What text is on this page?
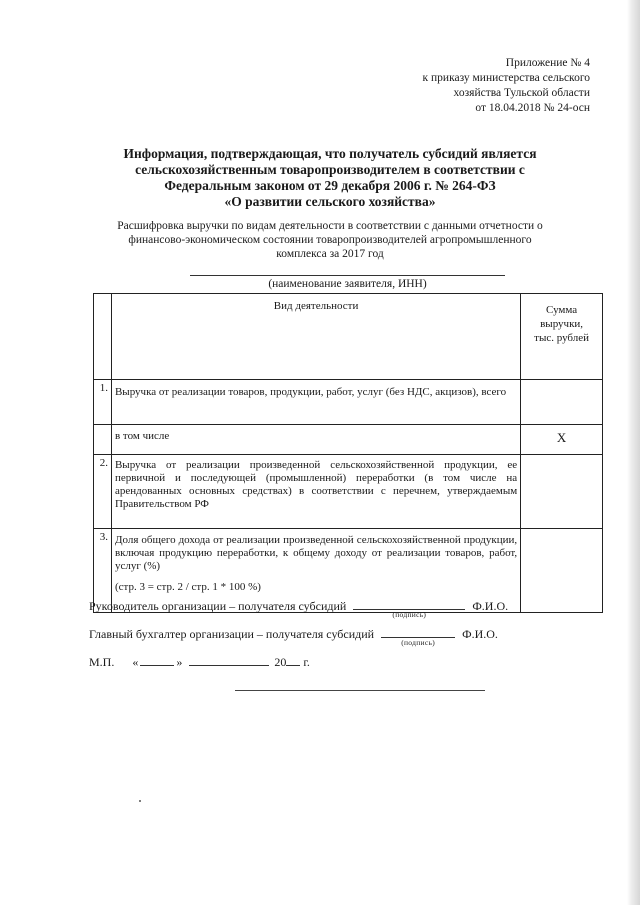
Приложение № 4
к приказу министерства сельского
хозяйства Тульской области
от 18.04.2018 № 24-осн
Информация, подтверждающая, что получатель субсидий является
сельскохозяйственным товаропроизводителем в соответствии с
Федеральным законом от 29 декабря 2006 г. № 264-ФЗ
«О развитии сельского хозяйства»
Расшифровка выручки по видам деятельности в соответствии с данными отчетности о
финансово-экономическом состоянии товаропроизводителей агропромышленного
комплекса за 2017 год
(наименование заявителя, ИНН)
	Вид деятельности	Сумма
выручки,
тыс. рублей

1.	Выручка от реализации товаров, продукции, работ, услуг (без НДС, акцизов), всего	
	в том числе	X
2.	Выручка от реализации произведенной сельскохозяйственной продукции, ее первичной и последующей (промышленной) переработки (в том числе на арендованных основных средствах) в соответствии с перечнем, утверждаемым Правительством РФ	
3.	Доля общего дохода от реализации произведенной сельскохозяйственной продукции, включая продукцию переработки, к общему доходу от реализации товаров, работ, услуг (%)
(стр. 3 = стр. 2 / стр. 1 * 100 %)	

Руководитель организации – получателя субсидий
(подпись)
Ф.И.О.
Главный бухгалтер организации – получателя субсидий
(подпись)
Ф.И.О.
М.П. «	»	20 г.
